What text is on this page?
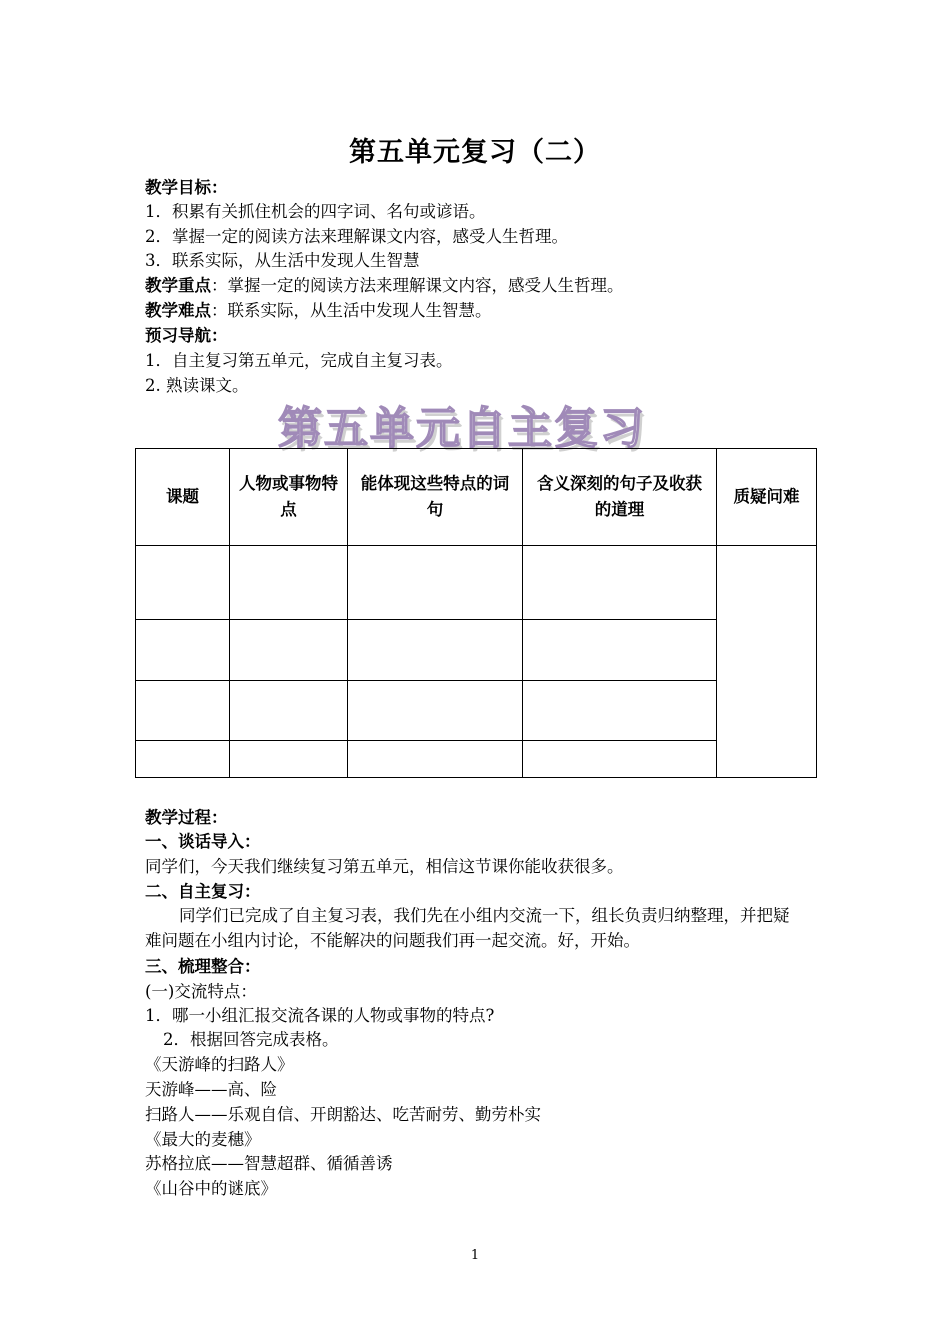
第五单元复习（二）
教学目标：
1．积累有关抓住机会的四字词、名句或谚语。
2．掌握一定的阅读方法来理解课文内容，感受人生哲理。
3．联系实际，从生活中发现人生智慧
教学重点：掌握一定的阅读方法来理解课文内容，感受人生哲理。
教学难点：联系实际，从生活中发现人生智慧。
预习导航：
1．自主复习第五单元，完成自主复习表。
2. 熟读课文。
第五单元自主复习
课题	人物或事物特点	能体现这些特点的词句	含义深刻的句子及收获的道理	质疑问难

教学过程：
一、谈话导入：
同学们，今天我们继续复习第五单元，相信这节课你能收获很多。
二、自主复习：
同学们已完成了自主复习表，我们先在小组内交流一下，组长负责归纳整理，并把疑难问题在小组内讨论，不能解决的问题我们再一起交流。好，开始。
三、梳理整合：
(一)交流特点：
1．哪一小组汇报交流各课的人物或事物的特点?
2．根据回答完成表格。
《天游峰的扫路人》
天游峰——高、险
扫路人——乐观自信、开朗豁达、吃苦耐劳、勤劳朴实
《最大的麦穗》
苏格拉底——智慧超群、循循善诱
《山谷中的谜底》
1
